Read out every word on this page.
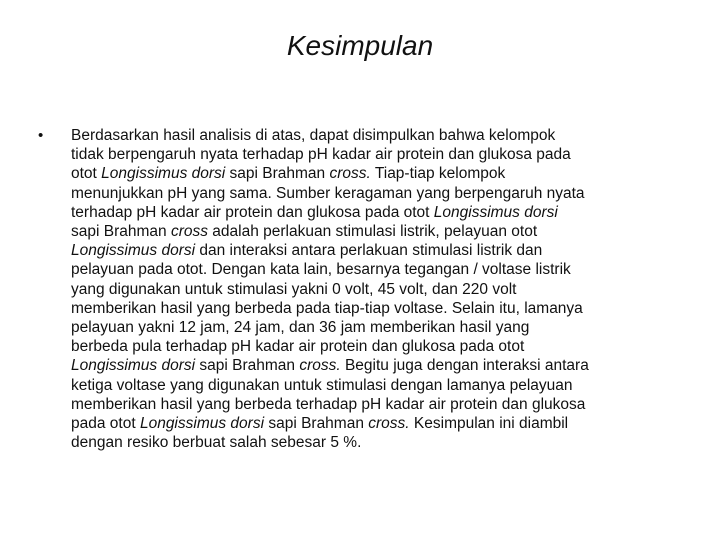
Kesimpulan
•	Berdasarkan hasil analisis di atas, dapat disimpulkan bahwa kelompok
tidak berpengaruh nyata terhadap pH kadar air protein dan glukosa pada
otot Longissimus dorsi sapi Brahman cross. Tiap-tiap kelompok
menunjukkan pH yang sama. Sumber keragaman yang berpengaruh nyata
terhadap pH kadar air protein dan glukosa pada otot Longissimus dorsi
sapi Brahman cross adalah perlakuan stimulasi listrik, pelayuan otot
Longissimus dorsi dan interaksi antara perlakuan stimulasi listrik dan
pelayuan pada otot. Dengan kata lain, besarnya tegangan / voltase listrik
yang digunakan untuk stimulasi yakni 0 volt, 45 volt, dan 220 volt
memberikan hasil yang berbeda pada tiap-tiap voltase. Selain itu, lamanya
pelayuan yakni 12 jam, 24 jam, dan 36 jam memberikan hasil yang
berbeda pula terhadap pH kadar air protein dan glukosa pada otot
Longissimus dorsi sapi Brahman cross. Begitu juga dengan interaksi antara
ketiga voltase yang digunakan untuk stimulasi dengan lamanya pelayuan
memberikan hasil yang berbeda terhadap pH kadar air protein dan glukosa
pada otot Longissimus dorsi sapi Brahman cross. Kesimpulan ini diambil
dengan resiko berbuat salah sebesar 5 %.
